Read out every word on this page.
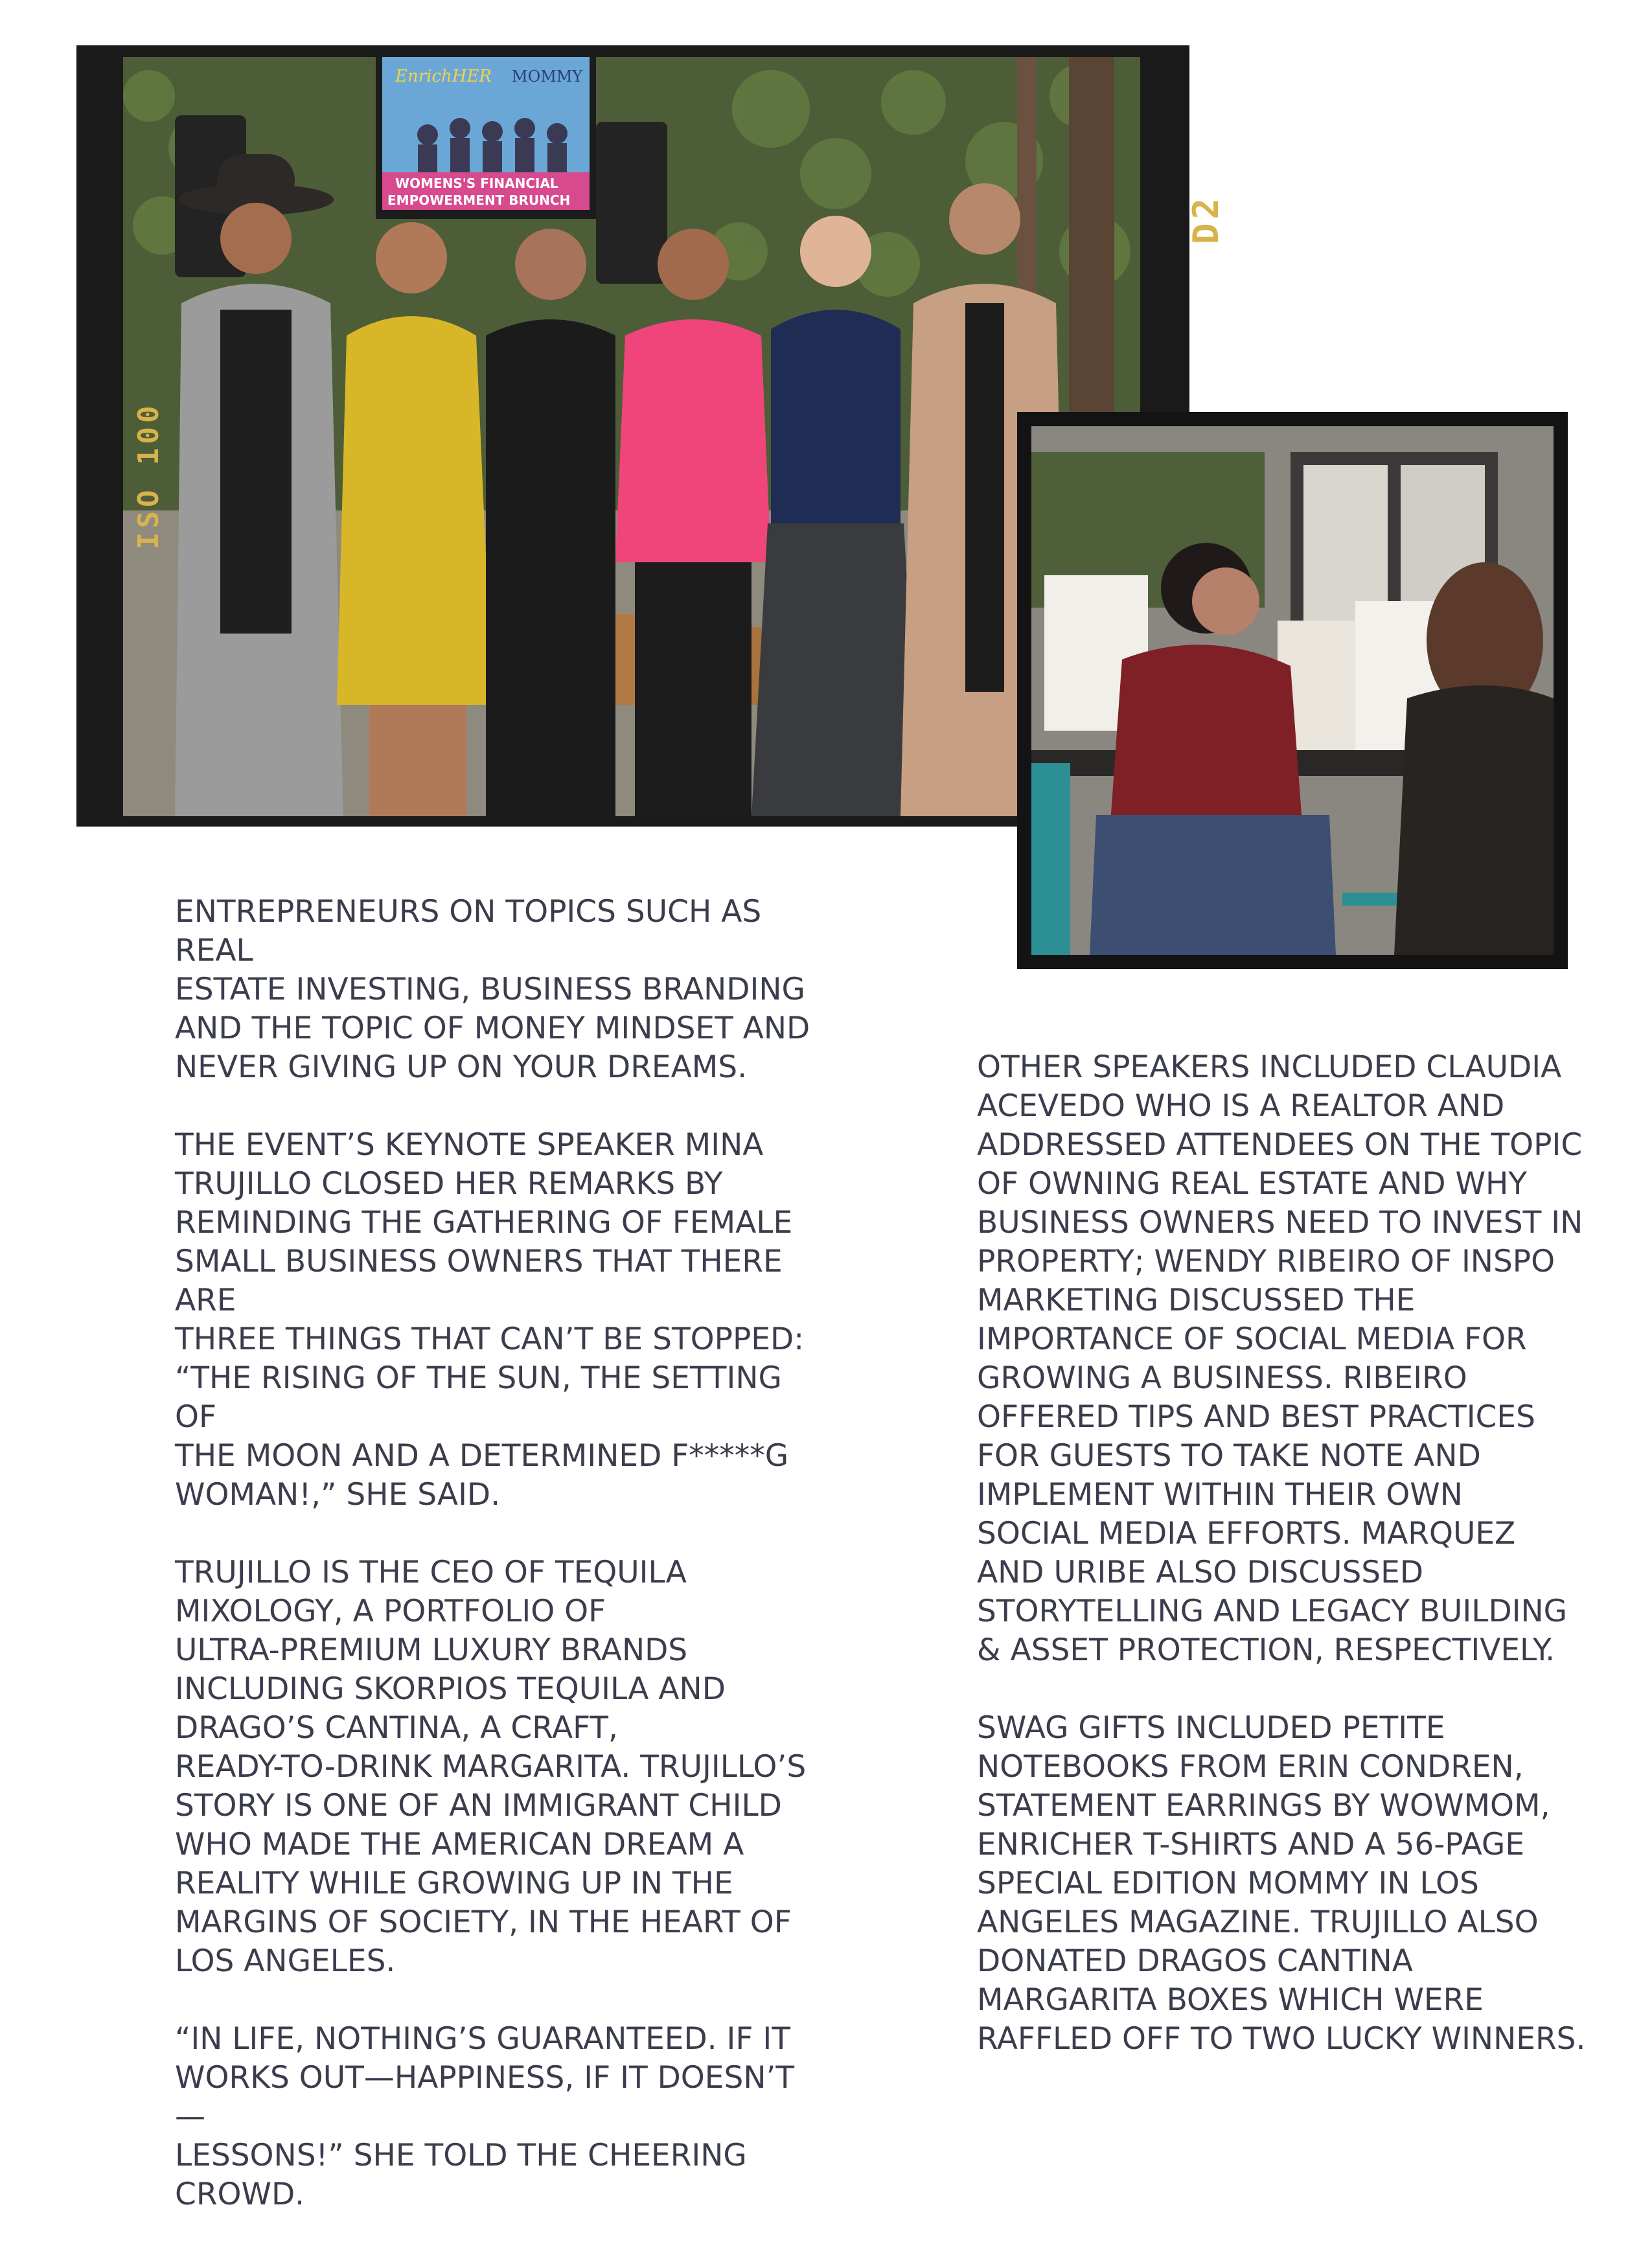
EnrichHER MOMMY
WOMENS'S FINANCIAL
EMPOWERMENT BRUNCH
ISO 100
D2

ENTREPRENEURS ON TOPICS SUCH AS REAL
ESTATE INVESTING, BUSINESS BRANDING
AND THE TOPIC OF MONEY MINDSET AND
NEVER GIVING UP ON YOUR DREAMS.

THE EVENT’S KEYNOTE SPEAKER MINA
TRUJILLO CLOSED HER REMARKS BY
REMINDING THE GATHERING OF FEMALE
SMALL BUSINESS OWNERS THAT THERE ARE
THREE THINGS THAT CAN’T BE STOPPED:
“THE RISING OF THE SUN, THE SETTING OF
THE MOON AND A DETERMINED F*****G
WOMAN!,” SHE SAID.

TRUJILLO IS THE CEO OF TEQUILA
MIXOLOGY, A PORTFOLIO OF
ULTRA-PREMIUM LUXURY BRANDS
INCLUDING SKORPIOS TEQUILA AND
DRAGO’S CANTINA, A CRAFT,
READY-TO-DRINK MARGARITA. TRUJILLO’S
STORY IS ONE OF AN IMMIGRANT CHILD
WHO MADE THE AMERICAN DREAM A
REALITY WHILE GROWING UP IN THE
MARGINS OF SOCIETY, IN THE HEART OF
LOS ANGELES.

“IN LIFE, NOTHING’S GUARANTEED. IF IT
WORKS OUT—HAPPINESS, IF IT DOESN’T—
LESSONS!” SHE TOLD THE CHEERING
CROWD.

OTHER SPEAKERS INCLUDED CLAUDIA
ACEVEDO WHO IS A REALTOR AND
ADDRESSED ATTENDEES ON THE TOPIC
OF OWNING REAL ESTATE AND WHY
BUSINESS OWNERS NEED TO INVEST IN
PROPERTY; WENDY RIBEIRO OF INSPO
MARKETING DISCUSSED THE
IMPORTANCE OF SOCIAL MEDIA FOR
GROWING A BUSINESS. RIBEIRO
OFFERED TIPS AND BEST PRACTICES
FOR GUESTS TO TAKE NOTE AND
IMPLEMENT WITHIN THEIR OWN
SOCIAL MEDIA EFFORTS. MARQUEZ
AND URIBE ALSO DISCUSSED
STORYTELLING AND LEGACY BUILDING
& ASSET PROTECTION, RESPECTIVELY.

SWAG GIFTS INCLUDED PETITE
NOTEBOOKS FROM ERIN CONDREN,
STATEMENT EARRINGS BY WOWMOM,
ENRICHER T-SHIRTS AND A 56-PAGE
SPECIAL EDITION MOMMY IN LOS
ANGELES MAGAZINE. TRUJILLO ALSO
DONATED DRAGOS CANTINA
MARGARITA BOXES WHICH WERE
RAFFLED OFF TO TWO LUCKY WINNERS.
